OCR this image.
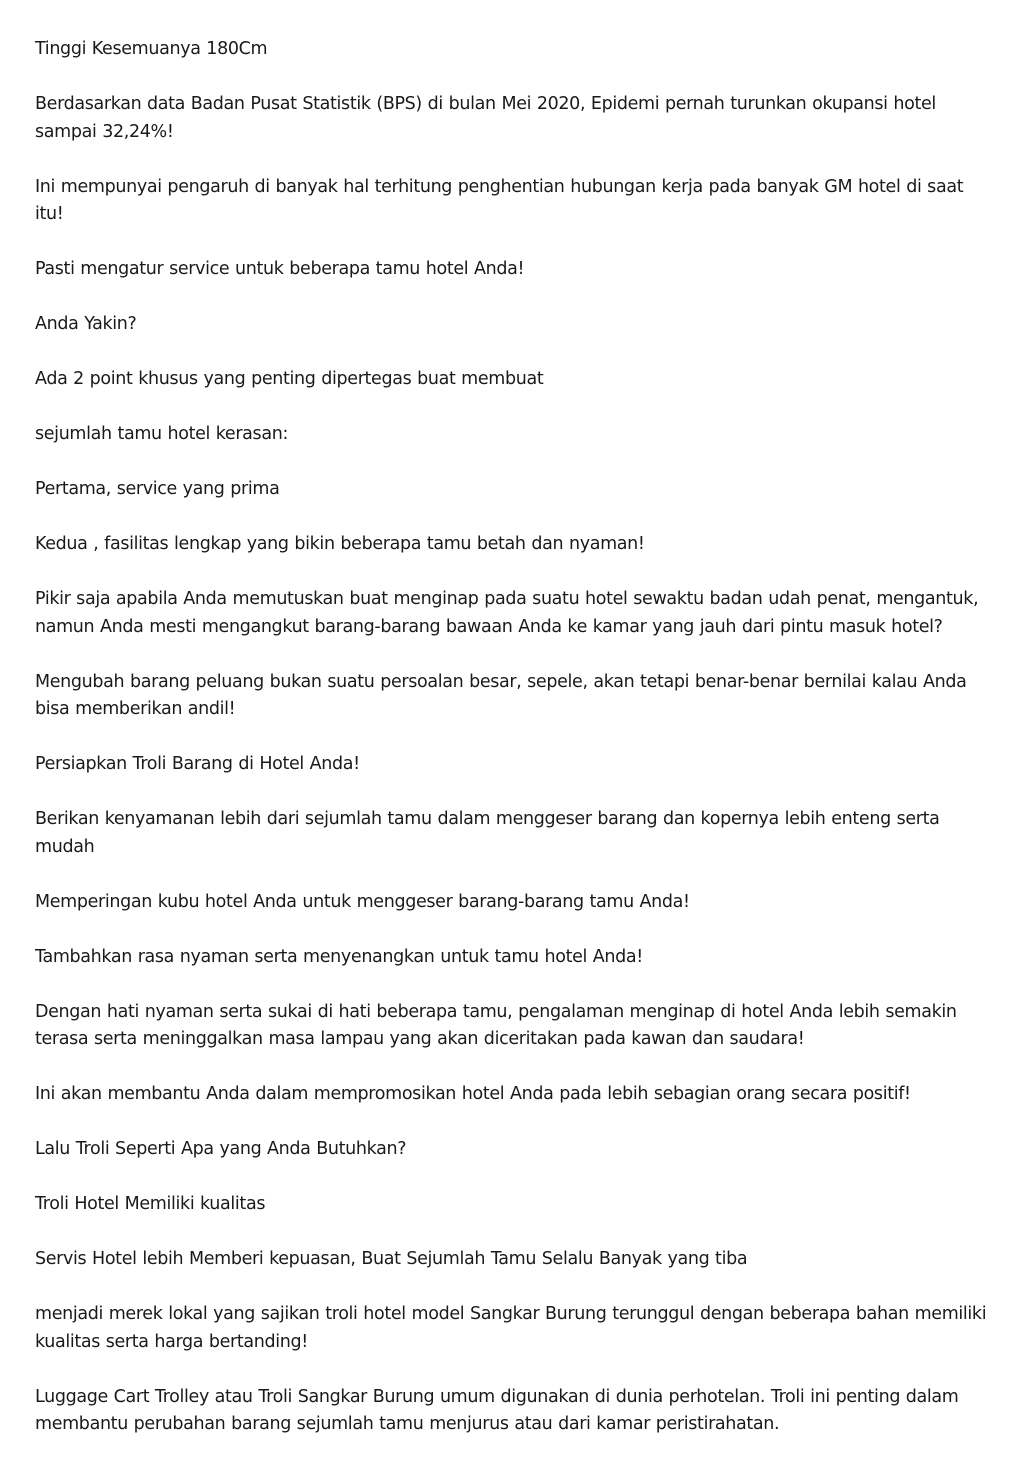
Tinggi Kesemuanya 180Cm

Berdasarkan data Badan Pusat Statistik (BPS) di bulan Mei 2020, Epidemi pernah turunkan okupansi hotel sampai 32,24%!

Ini mempunyai pengaruh di banyak hal terhitung penghentian hubungan kerja pada banyak GM hotel di saat itu!

Pasti mengatur service untuk beberapa tamu hotel Anda!

Anda Yakin?

Ada 2 point khusus yang penting dipertegas buat membuat

sejumlah tamu hotel kerasan:

Pertama, service yang prima

Kedua , fasilitas lengkap yang bikin beberapa tamu betah dan nyaman!

Pikir saja apabila Anda memutuskan buat menginap pada suatu hotel sewaktu badan udah penat, mengantuk, namun Anda mesti mengangkut barang-barang bawaan Anda ke kamar yang jauh dari pintu masuk hotel?

Mengubah barang peluang bukan suatu persoalan besar, sepele, akan tetapi benar-benar bernilai kalau Anda bisa memberikan andil!

Persiapkan Troli Barang di Hotel Anda!

Berikan kenyamanan lebih dari sejumlah tamu dalam menggeser barang dan kopernya lebih enteng serta mudah

Memperingan kubu hotel Anda untuk menggeser barang-barang tamu Anda!

Tambahkan rasa nyaman serta menyenangkan untuk tamu hotel Anda!

Dengan hati nyaman serta sukai di hati beberapa tamu, pengalaman menginap di hotel Anda lebih semakin terasa serta meninggalkan masa lampau yang akan diceritakan pada kawan dan saudara!

Ini akan membantu Anda dalam mempromosikan hotel Anda pada lebih sebagian orang secara positif!

Lalu Troli Seperti Apa yang Anda Butuhkan?

Troli Hotel Memiliki kualitas

Servis Hotel lebih Memberi kepuasan, Buat Sejumlah Tamu Selalu Banyak yang tiba

menjadi merek lokal yang sajikan troli hotel model Sangkar Burung terunggul dengan beberapa bahan memiliki kualitas serta harga bertanding!

Luggage Cart Trolley atau Troli Sangkar Burung umum digunakan di dunia perhotelan. Troli ini penting dalam membantu perubahan barang sejumlah tamu menjurus atau dari kamar peristirahatan.
